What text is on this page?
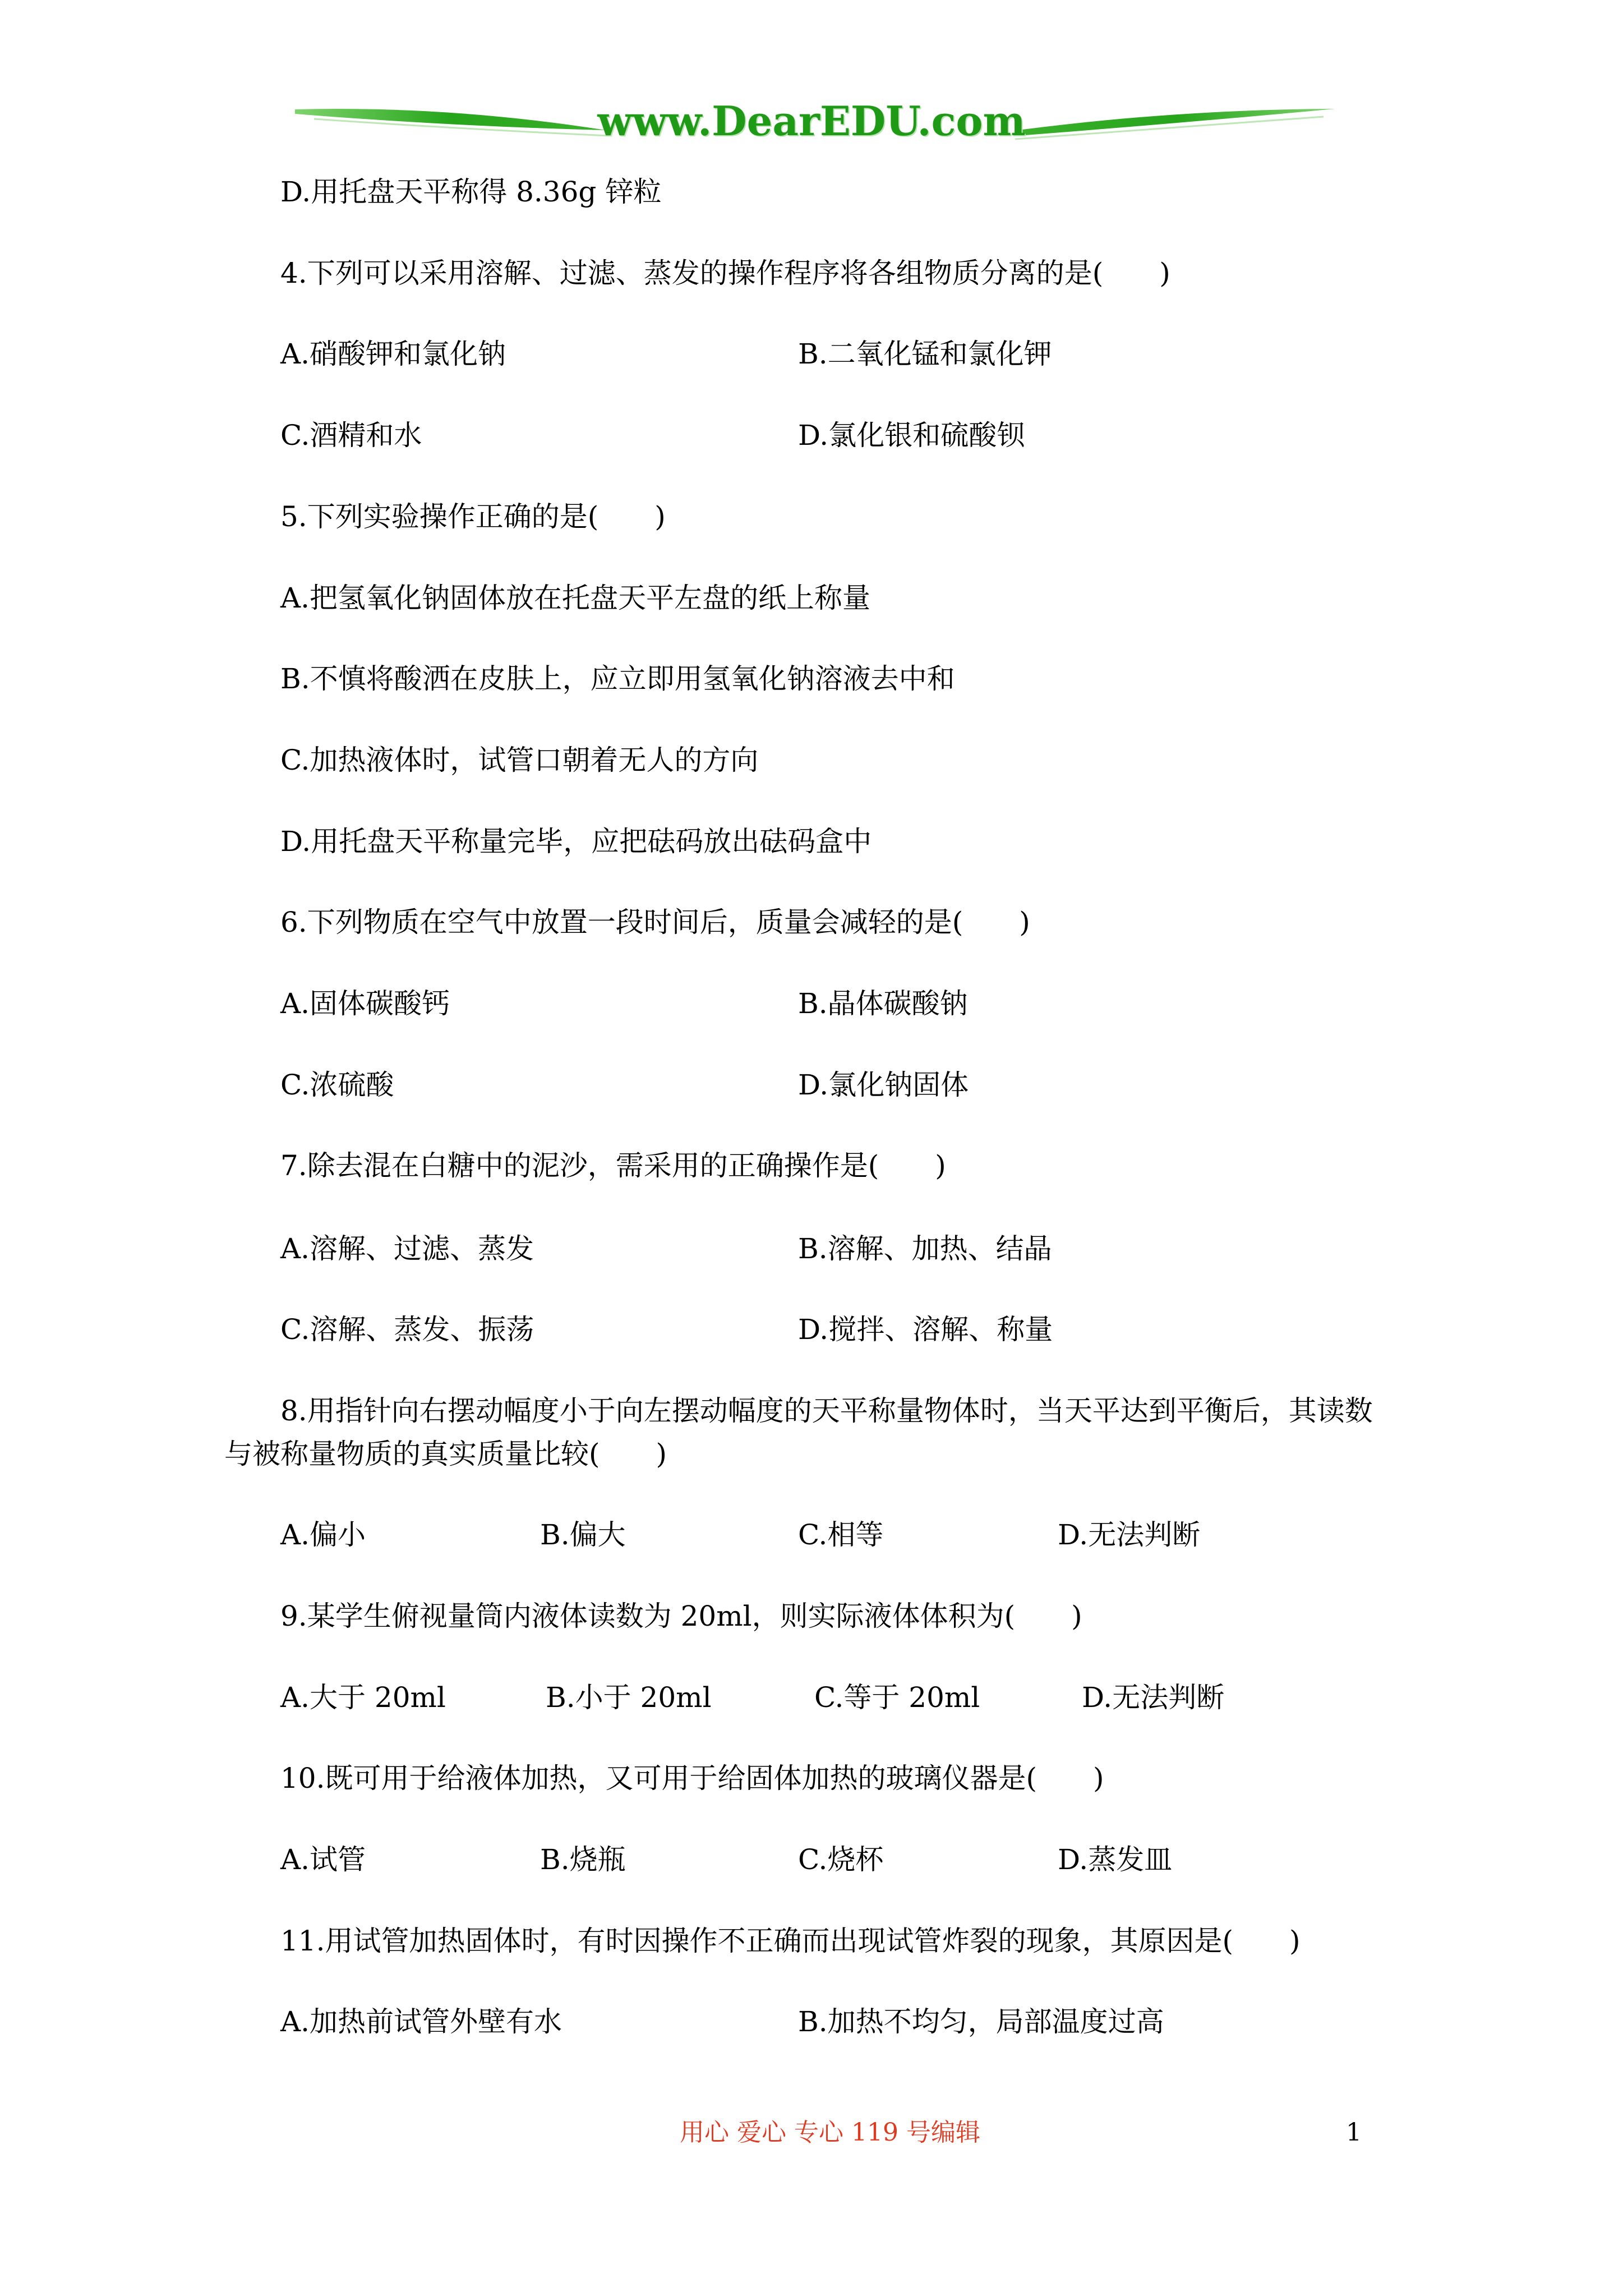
www.DearEDU.com
D.用托盘天平称得 8.36g 锌粒
4.下列可以采用溶解、过滤、蒸发的操作程序将各组物质分离的是(　　)
A.硝酸钾和氯化钠	B.二氧化锰和氯化钾
C.酒精和水	D.氯化银和硫酸钡
5.下列实验操作正确的是(　　)
A.把氢氧化钠固体放在托盘天平左盘的纸上称量
B.不慎将酸洒在皮肤上，应立即用氢氧化钠溶液去中和
C.加热液体时，试管口朝着无人的方向
D.用托盘天平称量完毕，应把砝码放出砝码盒中
6.下列物质在空气中放置一段时间后，质量会减轻的是(　　)
A.固体碳酸钙	B.晶体碳酸钠
C.浓硫酸	D.氯化钠固体
7.除去混在白糖中的泥沙，需采用的正确操作是(　　)
A.溶解、过滤、蒸发	B.溶解、加热、结晶
C.溶解、蒸发、振荡	D.搅拌、溶解、称量
8.用指针向右摆动幅度小于向左摆动幅度的天平称量物体时，当天平达到平衡后，其读数
与被称量物质的真实质量比较(　　)
A.偏小	B.偏大	C.相等	D.无法判断
9.某学生俯视量筒内液体读数为 20ml，则实际液体体积为(　　)
A.大于 20ml	B.小于 20ml	C.等于 20ml	D.无法判断
10.既可用于给液体加热，又可用于给固体加热的玻璃仪器是(　　)
A.试管	B.烧瓶	C.烧杯	D.蒸发皿
11.用试管加热固体时，有时因操作不正确而出现试管炸裂的现象，其原因是(　　)
A.加热前试管外壁有水	B.加热不均匀，局部温度过高
用心 爱心 专心 119 号编辑	1
